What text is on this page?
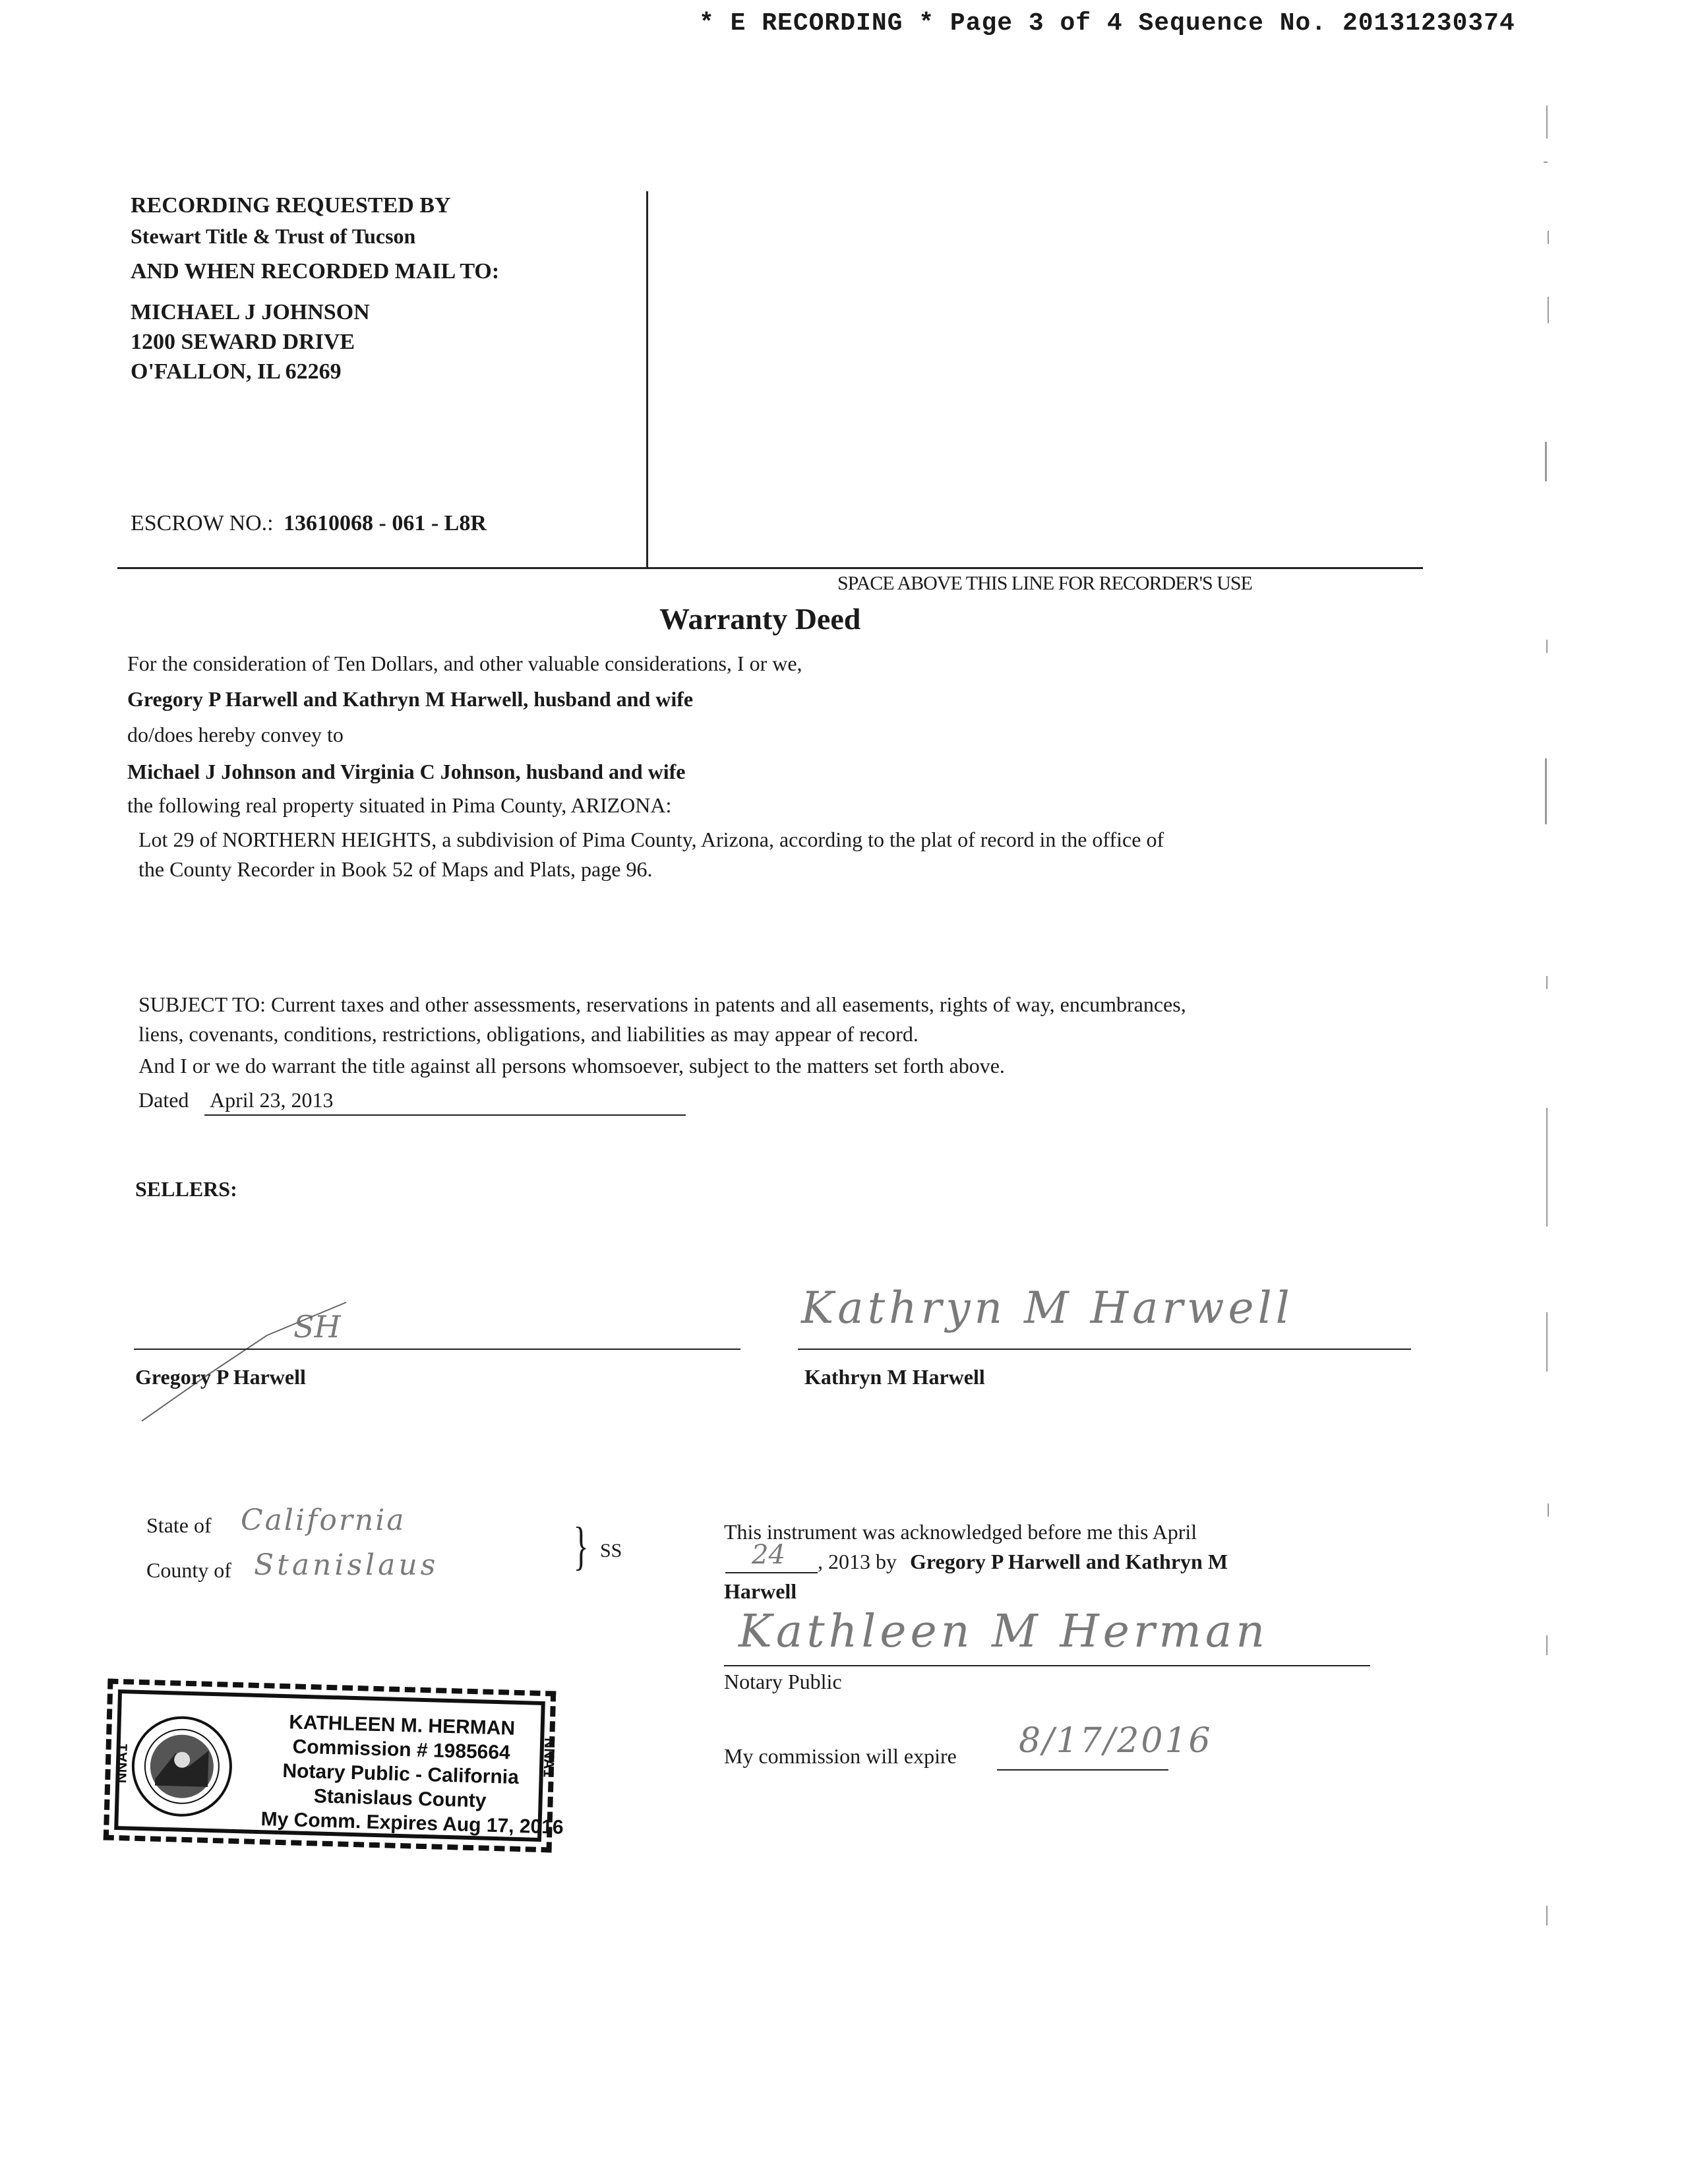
* E RECORDING * Page 3 of 4 Sequence No. 20131230374
RECORDING REQUESTED BY
Stewart Title & Trust of Tucson
AND WHEN RECORDED MAIL TO:
MICHAEL J JOHNSON
1200 SEWARD DRIVE
O'FALLON, IL 62269
ESCROW NO.: 13610068 - 061 - L8R
SPACE ABOVE THIS LINE FOR RECORDER'S USE
Warranty Deed
For the consideration of Ten Dollars, and other valuable considerations, I or we,
Gregory P Harwell and Kathryn M Harwell, husband and wife
do/does hereby convey to
Michael J Johnson and Virginia C Johnson, husband and wife
the following real property situated in Pima County, ARIZONA:
Lot 29 of NORTHERN HEIGHTS, a subdivision of Pima County, Arizona, according to the plat of record in the office of
the County Recorder in Book 52 of Maps and Plats, page 96.
SUBJECT TO: Current taxes and other assessments, reservations in patents and all easements, rights of way, encumbrances,
liens, covenants, conditions, restrictions, obligations, and liabilities as may appear of record.
And I or we do warrant the title against all persons whomsoever, subject to the matters set forth above.
Dated April 23, 2013
SELLERS:
SH
Gregory P Harwell
Kathryn M Harwell
Kathryn M Harwell
State of California
County of Stanislaus	} SS
This instrument was acknowledged before me this April
24 , 2013 by Gregory P Harwell and Kathryn M
Harwell
Kathleen M Herman
Notary Public
My commission will expire 8/17/2016
KATHLEEN M. HERMAN
Commission # 1985664
Notary Public - California
Stanislaus County
My Comm. Expires Aug 17, 2016
NNA1	NNA1
